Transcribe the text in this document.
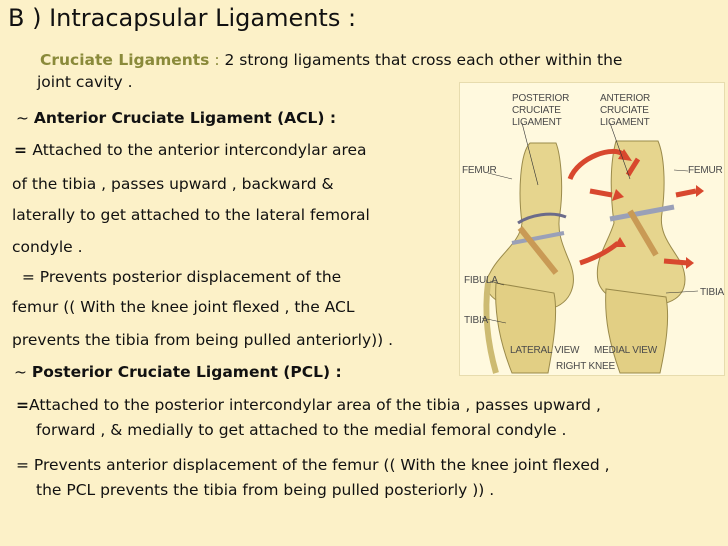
B ) Intracapsular Ligaments :
Cruciate Ligaments : 2 strong ligaments that cross each other within the
joint cavity .
~ Anterior Cruciate Ligament (ACL) :
= Attached to the anterior intercondylar area
of the tibia , passes upward , backward &
laterally to get attached to the lateral femoral
condyle .
= Prevents posterior displacement of the
femur (( With the knee joint flexed , the ACL
prevents the tibia from being pulled anteriorly)) .
~ Posterior Cruciate Ligament (PCL) :
=Attached to the posterior intercondylar area of the tibia , passes upward ,
forward , & medially to get attached to the medial femoral condyle .
= Prevents anterior displacement of the femur (( With the knee joint flexed ,
the PCL prevents the tibia from being pulled posteriorly )) .
POSTERIOR
CRUCIATE
LIGAMENT
ANTERIOR
CRUCIATE
LIGAMENT
FEMUR	FEMUR
FIBULA
TIBIA
TIBIA
LATERAL VIEW MEDIAL VIEW
RIGHT KNEE
